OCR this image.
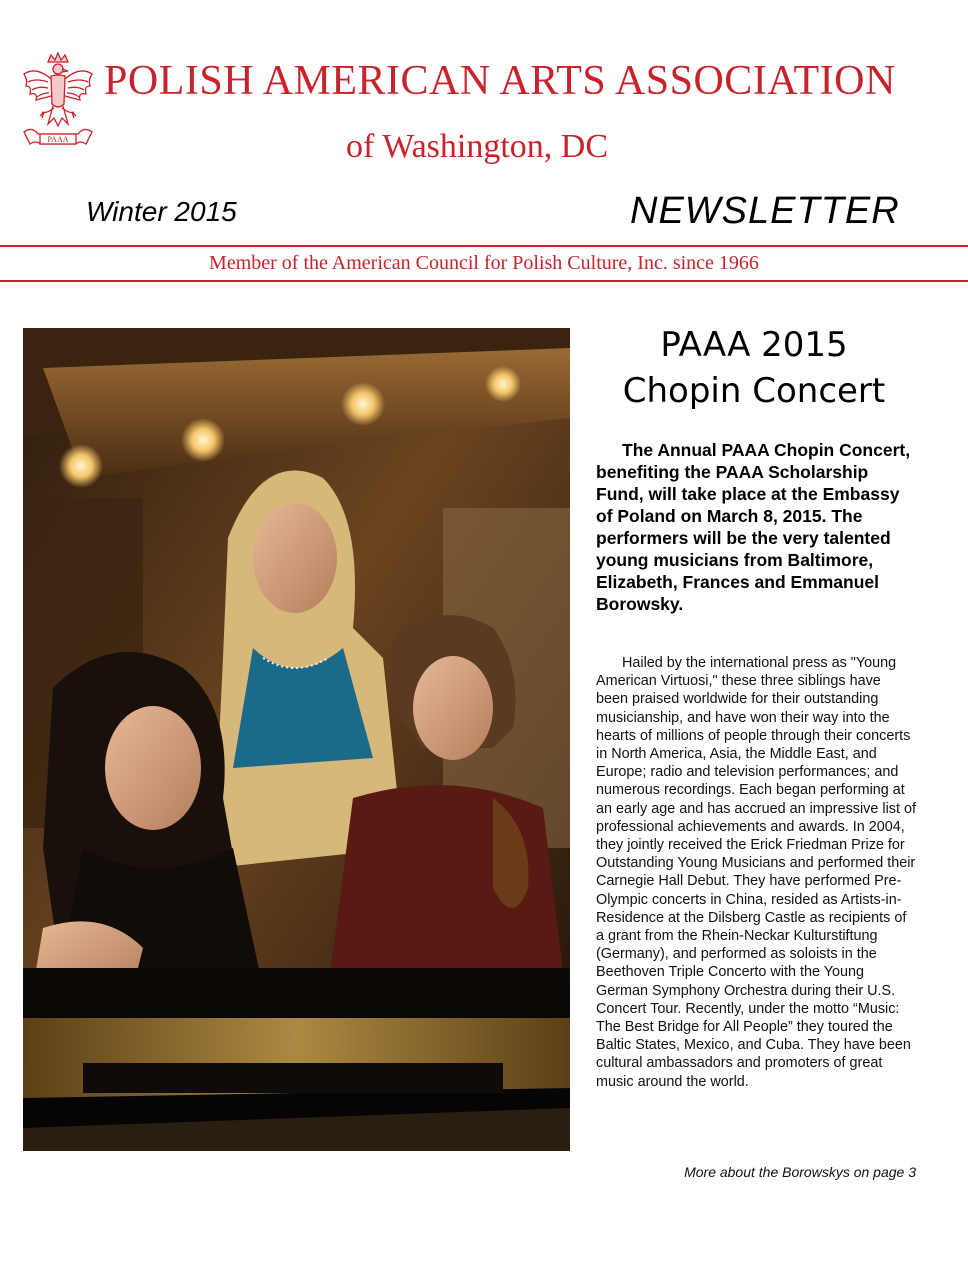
PAAA
POLISH AMERICAN ARTS ASSOCIATION
of Washington, DC
Winter 2015	NEWSLETTER
Member of the American Council for Polish Culture, Inc. since 1966
PAAA 2015
Chopin Concert

The Annual PAAA Chopin Concert, benefiting the PAAA Scholarship Fund, will take place at the Embassy of Poland on March 8, 2015. The performers will be the very talented young musicians from Baltimore, Elizabeth, Frances and Emmanuel Borowsky.

Hailed by the international press as "Young American Virtuosi," these three siblings have been praised worldwide for their outstanding musicianship, and have won their way into the hearts of millions of people through their concerts in North America, Asia, the Middle East, and Europe; radio and television performances; and numerous recordings. Each began performing at an early age and has accrued an impressive list of professional achievements and awards. In 2004, they jointly received the Erick Friedman Prize for Outstanding Young Musicians and performed their Carnegie Hall Debut. They have performed Pre-Olympic concerts in China, resided as Artists-in-Residence at the Dilsberg Castle as recipients of a grant from the Rhein-Neckar Kulturstiftung (Germany), and performed as soloists in the Beethoven Triple Concerto with the Young German Symphony Orchestra during their U.S. Concert Tour. Recently, under the motto “Music: The Best Bridge for All People” they toured the Baltic States, Mexico, and Cuba. They have been cultural ambassadors and promoters of great music around the world.

More about the Borowskys on page 3
